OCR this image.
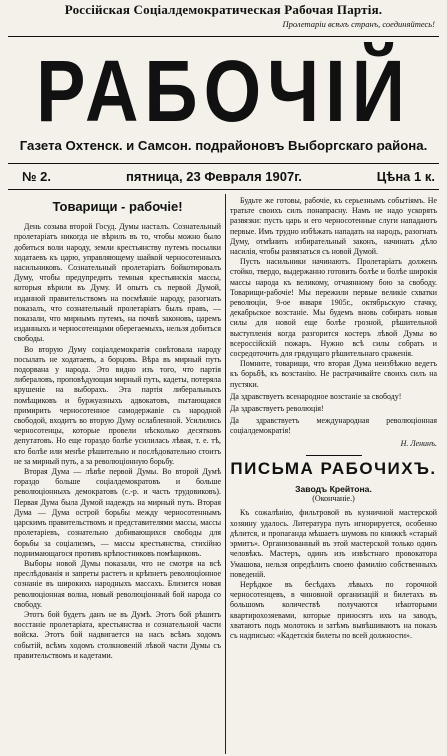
Россійская Соціалдемократическая Рабочая Партія.
Пролетаріи всѣхъ странъ, соединяйтесь!
РАБОЧІЙ
Газета Охтенск. и Самсон. подрайоновъ Выборгскаго района.
№ 2.	пятница, 23 Февраля 1907г.	Цѣна 1 к.
Товарищи - рабочіе!

День созыва второй Госуд. Думы насталъ. Сознательный пролетаріатъ никогда не вѣрилъ въ то, чтобы можно было добиться воли народу, земли крестьянству путемъ посылки ходатаевъ къ царю, управляющему шайкой черносотенныхъ насильниковъ. Сознательный пролетаріатъ бойкотировалъ Думу, чтобы предупредить темныя крестьянскія массы, которыя вѣрили въ Думу. И опытъ съ первой Думой, изданной правительствомъ на посмѣяніе народу, разогнать показалъ, что сознательный пролетаріатъ былъ правъ, — показали, что мирнымъ путемъ, на почвѣ законовъ, царемъ изданныхъ и черносотенцами оберегаемыхъ, нельзя добиться свободы.

Во вторую Думу соціалдемократія совѣтовала народу посылать не ходатаевъ, а борцовъ. Вѣра въ мирный путь подорвана у народа. Это видно изъ того, что партія либераловъ, проповѣдующая мирный путь, кадеты, потеряла крушеніе на выборахъ. Эта партія либеральныхъ помѣщиковъ и буржуазныхъ адвокатовъ, пытающаяся примирить черносотенное самодержавіе съ народной свободой, входитъ во вторую Думу ослабленной. Усилились черносотенцы, которые провели нѣсколько десятковъ депутатовъ. Но еще гораздо болѣе усилилась лѣвая, т. е. тѣ, кто болѣе или менѣе рѣшительно и послѣдовательно стоитъ не за мирный путь, а за революціонную борьбу.

Вторая Дума — лѣвѣе первой Думы. Во второй Думѣ гораздо больше соціалдемократовъ и больше революціонныхъ демократовъ (с.-р. и часть трудовиковъ). Первая Дума была Думой надеждъ на мирный путь. Вторая Дума — Дума острой борьбы между черносотеннымъ царскимъ правительствомъ и представителями массы, массы пролетаріевъ, сознательно добивающихся свободы для борьбы за соціализмъ, — массы крестьянства, стихійно поднимающагося противъ крѣпостниковъ помѣщиковъ.

Выборы новой Думы показали, что не смотря на всѣ преслѣдованія и запреты растетъ и крѣпнетъ революціонное сознаніе въ широкихъ народныхъ массахъ. Близится новая революціонная волна, новый революціонный бой народа со свободу.

Этотъ бой будетъ данъ не въ Думѣ. Этотъ бой рѣшитъ восстаніе пролетаріата, крестьянства и сознательной части войска. Этотъ бой надвигается на насъ всѣмъ ходомъ событій, всѣмъ ходомъ столкновеній лѣвой части Думы съ правительствомъ и кадетами.

Будьте же готовы, рабочіе, къ серьезнымъ событіямъ. Не тратьте своихъ силъ понапрасну. Намъ не надо ускорять развязки: пусть царь и его черносотенные слуги нападаютъ первые. Имъ трудно избѣжать нападать на народъ, разогнать Думу, отмѣнить избирательный законъ, начинать дѣло насилія, чтобы развязаться съ новой Думой.

Пусть насильники начинаютъ. Пролетаріатъ долженъ стойко, твердо, выдержанно готовить болѣе и болѣе широкія массы народа къ великому, отчаянному бою за свободу. Товарищи-рабочіе! Мы пережили первые великіе схватки революціи, 9-ое января 1905г., октябрьскую стачку, декабрьское возстаніе. Мы будемъ вновь собирать новыя силы для новой еще болѣе грозной, рѣшительной выступленія когда разгорится костеръ лѣвой Думы во всероссійскій пожаръ. Нужно всѣ силы собрать и сосредоточить для грядущаго рѣшительнаго сраженія.

Помните, товарищи, что вторая Дума неизбѣжно ведетъ къ борьбѣ, къ возстанію. Не растрачивайте своихъ силъ на пустяки.

Да здравствуетъ всенародное возстаніе за свободу!

Да здравствуетъ революція!

Да здравствуетъ международная революціонная соціалдемократія!

Н. Ленинъ.

ПИСЬМА РАБОЧИХЪ.
Заводъ Крейтона.
(Окончаніе.)

Къ сожалѣнію, фильтровой въ кузничной мастерской хозяину удалось. Литература путь игнорируется, особенно дѣлится, и пропаганда мѣшаетъ шумовъ по книжкѣ «старый эрмитъ». Организованный въ этой мастерской только одинъ человѣкъ. Мастеръ, одинъ изъ извѣстнаго провокатора Умашова, нельзя опредѣлить своею фамилію собственныхъ поведеній.

Нерѣдкое въ бесѣдахъ лѣвыхъ по горочной черносотенцевъ, в чиновной организацій и билетахъ въ большомъ количествѣ получаются нѣкоторыми квартирохозяевами, которые приносятъ ихъ на заводъ, хватаютъ подъ молотокъ и затѣмъ вывѣшиваютъ на показъ съ надписью: «Кадетскія билеты по всей должности».
